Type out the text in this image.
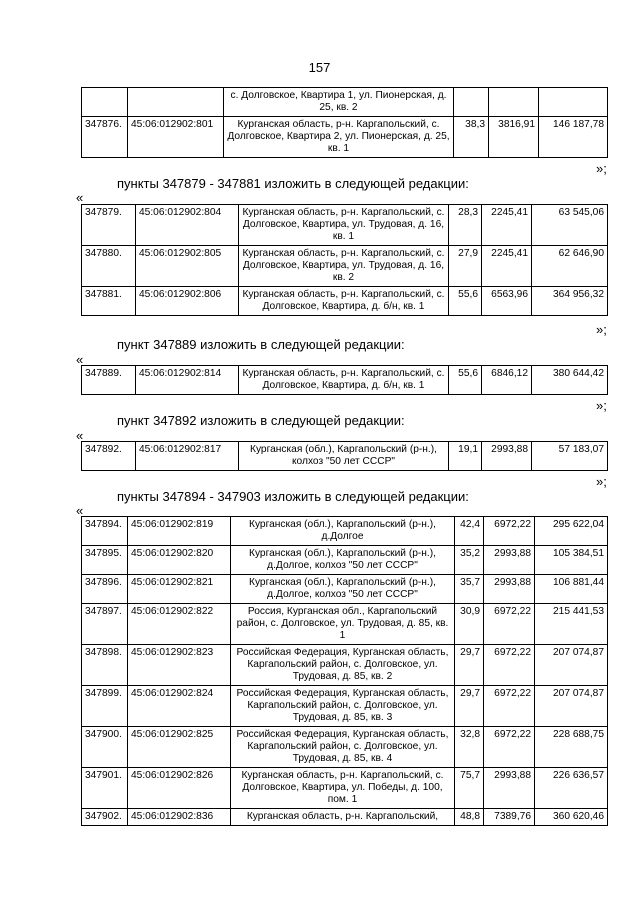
157
		с. Долговское, Квартира 1, ул. Пионерская, д. 25, кв. 2			
347876.	45:06:012902:801	Курганская область, р-н. Каргапольский, с. Долговское, Квартира 2, ул. Пионерская, д. 25, кв. 1	38,3	3816,91	146 187,78
»;
пункты 347879 - 347881 изложить в следующей редакции:
«
347879.	45:06:012902:804	Курганская область, р-н. Каргапольский, с. Долговское, Квартира, ул. Трудовая, д. 16, кв. 1	28,3	2245,41	63 545,06
347880.	45:06:012902:805	Курганская область, р-н. Каргапольский, с. Долговское, Квартира, ул. Трудовая, д. 16, кв. 2	27,9	2245,41	62 646,90
347881.	45:06:012902:806	Курганская область, р-н. Каргапольский, с. Долговское, Квартира, д. б/н, кв. 1	55,6	6563,96	364 956,32
»;
пункт 347889 изложить в следующей редакции:
«
347889.	45:06:012902:814	Курганская область, р-н. Каргапольский, с. Долговское, Квартира, д. б/н, кв. 1	55,6	6846,12	380 644,42
»;
пункт 347892 изложить в следующей редакции:
«
347892.	45:06:012902:817	Курганская (обл.), Каргапольский (р-н.), колхоз "50 лет СССР"	19,1	2993,88	57 183,07
»;
пункты 347894 - 347903 изложить в следующей редакции:
«
347894.	45:06:012902:819	Курганская (обл.), Каргапольский (р-н.), д.Долгое	42,4	6972,22	295 622,04
347895.	45:06:012902:820	Курганская (обл.), Каргапольский (р-н.), д.Долгое, колхоз "50 лет СССР"	35,2	2993,88	105 384,51
347896.	45:06:012902:821	Курганская (обл.), Каргапольский (р-н.), д.Долгое, колхоз "50 лет СССР"	35,7	2993,88	106 881,44
347897.	45:06:012902:822	Россия, Курганская обл., Каргапольский район, с. Долговское, ул. Трудовая, д. 85, кв. 1	30,9	6972,22	215 441,53
347898.	45:06:012902:823	Российская Федерация, Курганская область, Каргапольский район, с. Долговское, ул. Трудовая, д. 85, кв. 2	29,7	6972,22	207 074,87
347899.	45:06:012902:824	Российская Федерация, Курганская область, Каргапольский район, с. Долговское, ул. Трудовая, д. 85, кв. 3	29,7	6972,22	207 074,87
347900.	45:06:012902:825	Российская Федерация, Курганская область, Каргапольский район, с. Долговское, ул. Трудовая, д. 85, кв. 4	32,8	6972,22	228 688,75
347901.	45:06:012902:826	Курганская область, р-н. Каргапольский, с. Долговское, Квартира, ул. Победы, д. 100, пом. 1	75,7	2993,88	226 636,57
347902.	45:06:012902:836	Курганская область, р-н. Каргапольский,	48,8	7389,76	360 620,46
